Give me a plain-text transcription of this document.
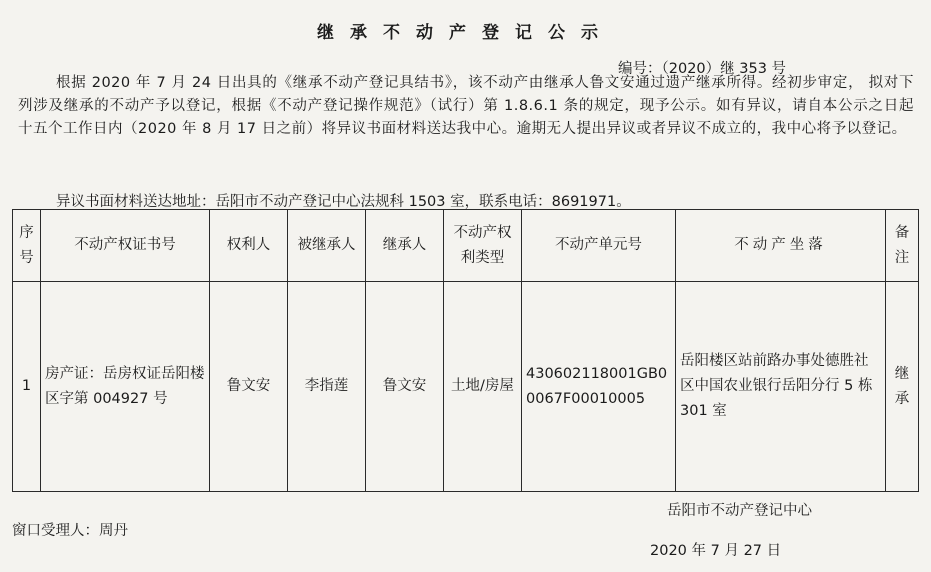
继承不动产登记公示
编号：（2020）继 353 号
根据 2020 年 7 月 24 日出具的《继承不动产登记具结书》，该不动产由继承人鲁文安通过遗产继承所得。经初步审定， 拟对下列涉及继承的不动产予以登记，根据《不动产登记操作规范》（试行）第 1.8.6.1 条的规定，现予公示。如有异议，请自本公示之日起十五个工作日内（2020 年 8 月 17 日之前）将异议书面材料送达我中心。逾期无人提出异议或者异议不成立的，我中心将予以登记。
异议书面材料送达地址：岳阳市不动产登记中心法规科 1503 室，联系电话：8691971。
序号	不动产权证书号	权利人	被继承人	继承人	不动产权利类型	不动产单元号	不动产坐落	备注
1	房产证：岳房权证岳阳楼区字第 004927 号	鲁文安	李指莲	鲁文安	土地/房屋	430602118001GB00067F00010005	岳阳楼区站前路办事处德胜社区中国农业银行岳阳分行 5 栋 301 室	继承
岳阳市不动产登记中心
窗口受理人：周丹
2020 年 7 月 27 日
